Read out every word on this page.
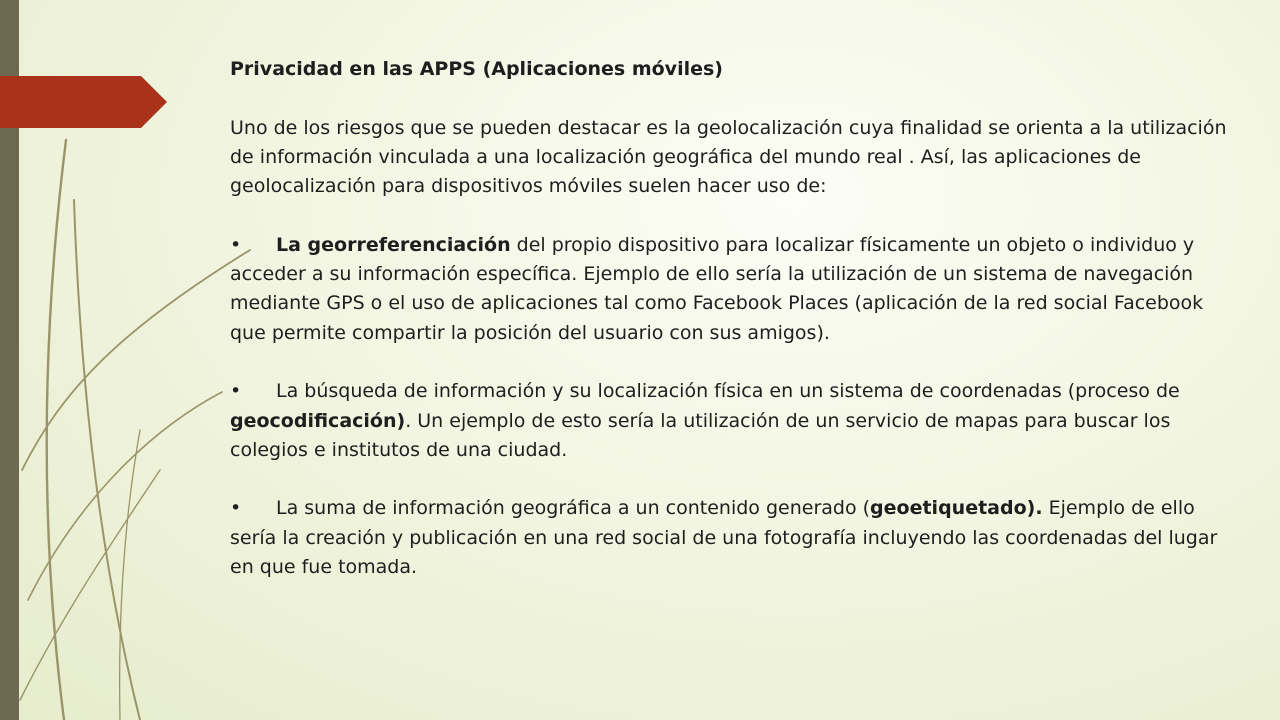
Privacidad en las APPS (Aplicaciones móviles)

Uno de los riesgos que se pueden destacar es la geolocalización cuya finalidad se orienta a la utilización de información vinculada a una localización geográfica del mundo real . Así, las aplicaciones de geolocalización para dispositivos móviles suelen hacer uso de:

• La georreferenciación del propio dispositivo para localizar físicamente un objeto o individuo y acceder a su información específica. Ejemplo de ello sería la utilización de un sistema de navegación mediante GPS o el uso de aplicaciones tal como Facebook Places (aplicación de la red social Facebook que permite compartir la posición del usuario con sus amigos).

• La búsqueda de información y su localización física en un sistema de coordenadas (proceso de geocodificación). Un ejemplo de esto sería la utilización de un servicio de mapas para buscar los colegios e institutos de una ciudad.

• La suma de información geográfica a un contenido generado (geoetiquetado). Ejemplo de ello sería la creación y publicación en una red social de una fotografía incluyendo las coordenadas del lugar en que fue tomada.
